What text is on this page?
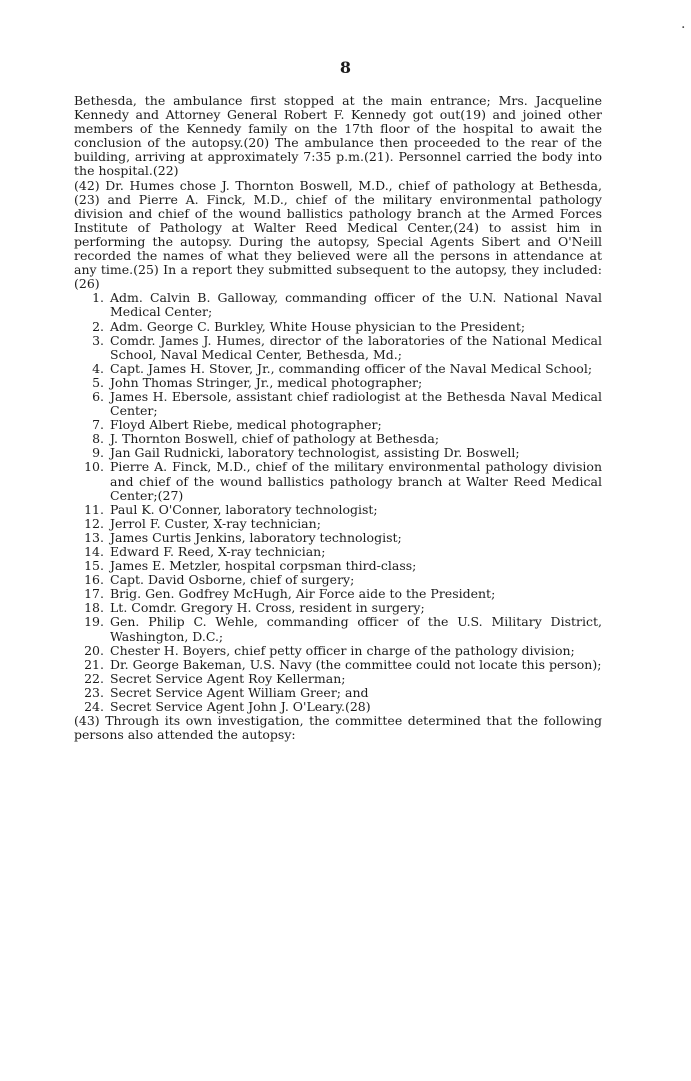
.
8

Bethesda, the ambulance first stopped at the main entrance; Mrs. Jacqueline Kennedy and Attorney General Robert F. Kennedy got out(19) and joined other members of the Kennedy family on the 17th floor of the hospital to await the conclusion of the autopsy.(20) The ambulance then proceeded to the rear of the building, arriving at approximately 7:35 p.m.(21). Personnel carried the body into the hospital.(22)

(42) Dr. Humes chose J. Thornton Boswell, M.D., chief of pathology at Bethesda,(23) and Pierre A. Finck, M.D., chief of the military environmental pathology division and chief of the wound ballistics pathology branch at the Armed Forces Institute of Pathology at Walter Reed Medical Center,(24) to assist him in performing the autopsy. During the autopsy, Special Agents Sibert and O'Neill recorded the names of what they believed were all the persons in attendance at any time.(25) In a report they submitted subsequent to the autopsy, they included:(26)

1. Adm. Calvin B. Galloway, commanding officer of the U.N. National Naval Medical Center;
2. Adm. George C. Burkley, White House physician to the President;
3. Comdr. James J. Humes, director of the laboratories of the National Medical School, Naval Medical Center, Bethesda, Md.;
4. Capt. James H. Stover, Jr., commanding officer of the Naval Medical School;
5. John Thomas Stringer, Jr., medical photographer;
6. James H. Ebersole, assistant chief radiologist at the Bethesda Naval Medical Center;
7. Floyd Albert Riebe, medical photographer;
8. J. Thornton Boswell, chief of pathology at Bethesda;
9. Jan Gail Rudnicki, laboratory technologist, assisting Dr. Boswell;
10. Pierre A. Finck, M.D., chief of the military environmental pathology division and chief of the wound ballistics pathology branch at Walter Reed Medical Center;(27)
11. Paul K. O'Conner, laboratory technologist;
12. Jerrol F. Custer, X-ray technician;
13. James Curtis Jenkins, laboratory technologist;
14. Edward F. Reed, X-ray technician;
15. James E. Metzler, hospital corpsman third-class;
16. Capt. David Osborne, chief of surgery;
17. Brig. Gen. Godfrey McHugh, Air Force aide to the President;
18. Lt. Comdr. Gregory H. Cross, resident in surgery;
19. Gen. Philip C. Wehle, commanding officer of the U.S. Military District, Washington, D.C.;
20. Chester H. Boyers, chief petty officer in charge of the pathology division;
21. Dr. George Bakeman, U.S. Navy (the committee could not locate this person);
22. Secret Service Agent Roy Kellerman;
23. Secret Service Agent William Greer; and
24. Secret Service Agent John J. O'Leary.(28)

(43) Through its own investigation, the committee determined that the following persons also attended the autopsy:
